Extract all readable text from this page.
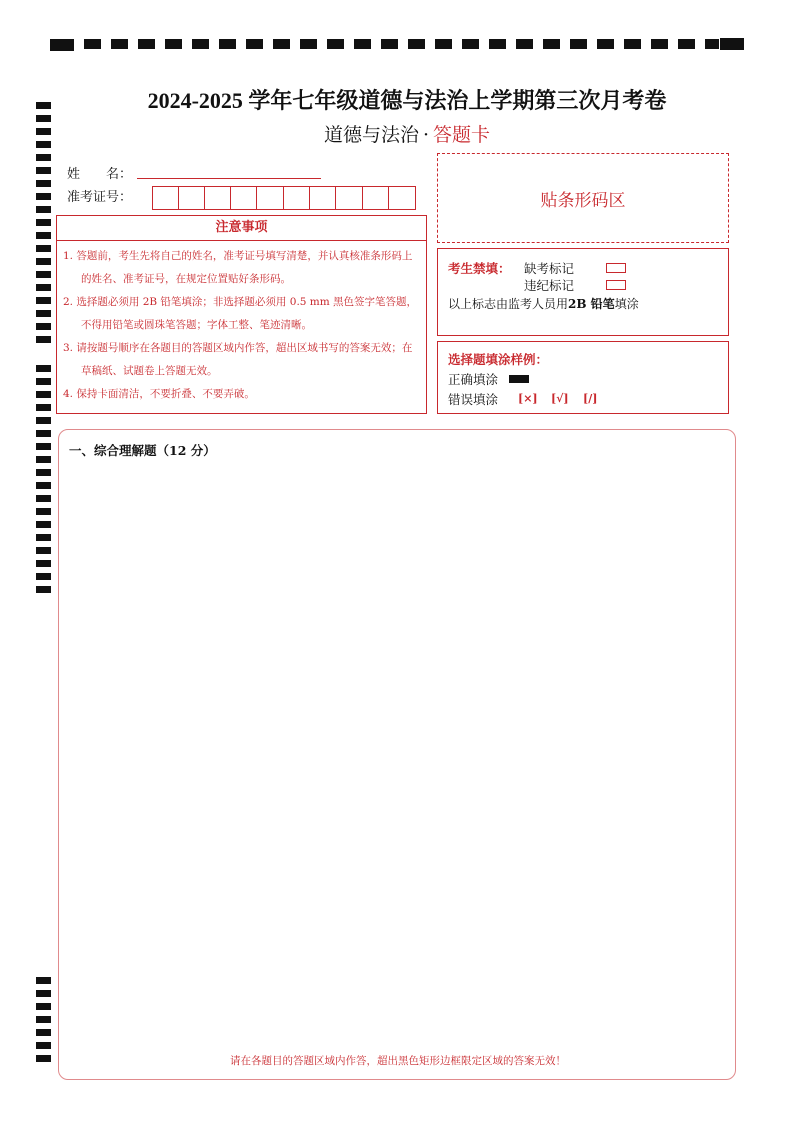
2024-2025 学年七年级道德与法治上学期第三次月考卷
道德与法治 · 答题卡
姓　　名：
准考证号：
注意事项
1. 答题前，考生先将自己的姓名，准考证号填写清楚，并认真核准条形码上的姓名、准考证号，在规定位置贴好条形码。
2. 选择题必须用 2B 铅笔填涂；非选择题必须用 0.5 mm 黑色签字笔答题，不得用铅笔或圆珠笔答题；字体工整、笔迹清晰。
3. 请按题号顺序在各题目的答题区域内作答，超出区域书写的答案无效；在草稿纸、试题卷上答题无效。
4. 保持卡面清洁，不要折叠、不要弄破。
贴条形码区
考生禁填： 缺考标记
违纪标记
以上标志由监考人员用2B 铅笔填涂
选择题填涂样例：
正确填涂
错误填涂 [×] [√] [/]
一、综合理解题（12 分）
请在各题目的答题区域内作答，超出黑色矩形边框限定区域的答案无效！
